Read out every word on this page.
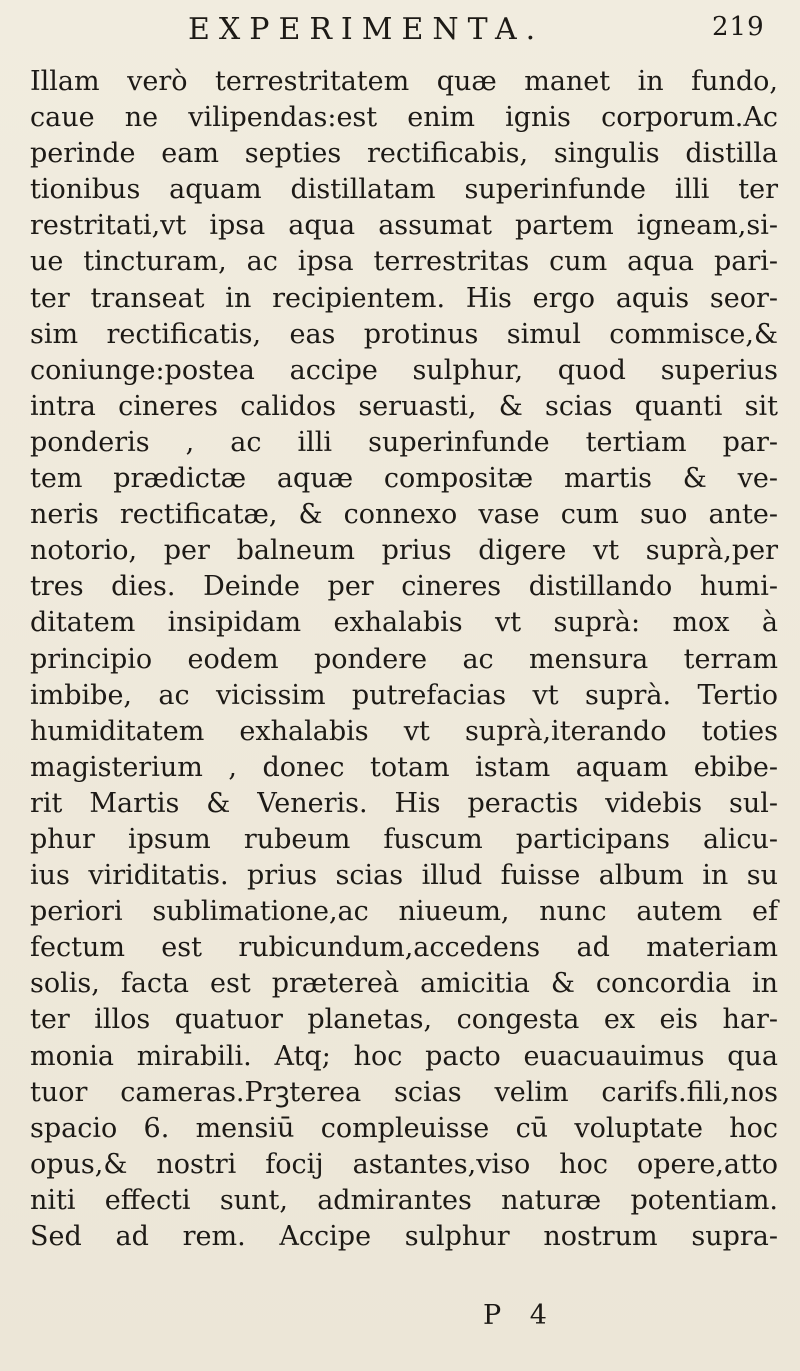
EXPERIMENTA.	219
Illam verò terrestritatem quæ manet in fundo,
caue ne vilipendas:est enim ignis corporum.Ac
perinde eam septies rectificabis, singulis distilla
tionibus aquam distillatam superinfunde illi ter
restritati,vt ipsa aqua assumat partem igneam,si-
ue tincturam, ac ipsa terrestritas cum aqua pari-
ter transeat in recipientem. His ergo aquis seor-
sim rectificatis, eas protinus simul commisce,&
coniunge:postea accipe sulphur, quod superius
intra cineres calidos seruasti, & scias quanti sit
ponderis , ac illi superinfunde tertiam par-
tem prædictæ aquæ compositæ martis & ve-
neris rectificatæ, & connexo vase cum suo ante-
notorio, per balneum prius digere vt suprà,per
tres dies. Deinde per cineres distillando humi-
ditatem insipidam exhalabis vt suprà: mox à
principio eodem pondere ac mensura terram
imbibe, ac vicissim putrefacias vt suprà. Tertio
humiditatem exhalabis vt suprà,iterando toties
magisterium , donec totam istam aquam ebibe-
rit Martis & Veneris. His peractis videbis sul-
phur ipsum rubeum fuscum participans alicu-
ius viriditatis. prius scias illud fuisse album in su
periori sublimatione,ac niueum, nunc autem ef
fectum est rubicundum,accedens ad materiam
solis, facta est prætereà amicitia & concordia in
ter illos quatuor planetas, congesta ex eis har-
monia mirabili. Atq; hoc pacto euacuauimus qua
tuor cameras.Prꝫterea scias velim carifs.fili,nos
spacio 6. mensiū compleuisse cū voluptate hoc
opus,& nostri focij astantes,viso hoc opere,atto
niti effecti sunt, admirantes naturæ potentiam.
Sed ad rem. Accipe sulphur nostrum supra-
P 4
